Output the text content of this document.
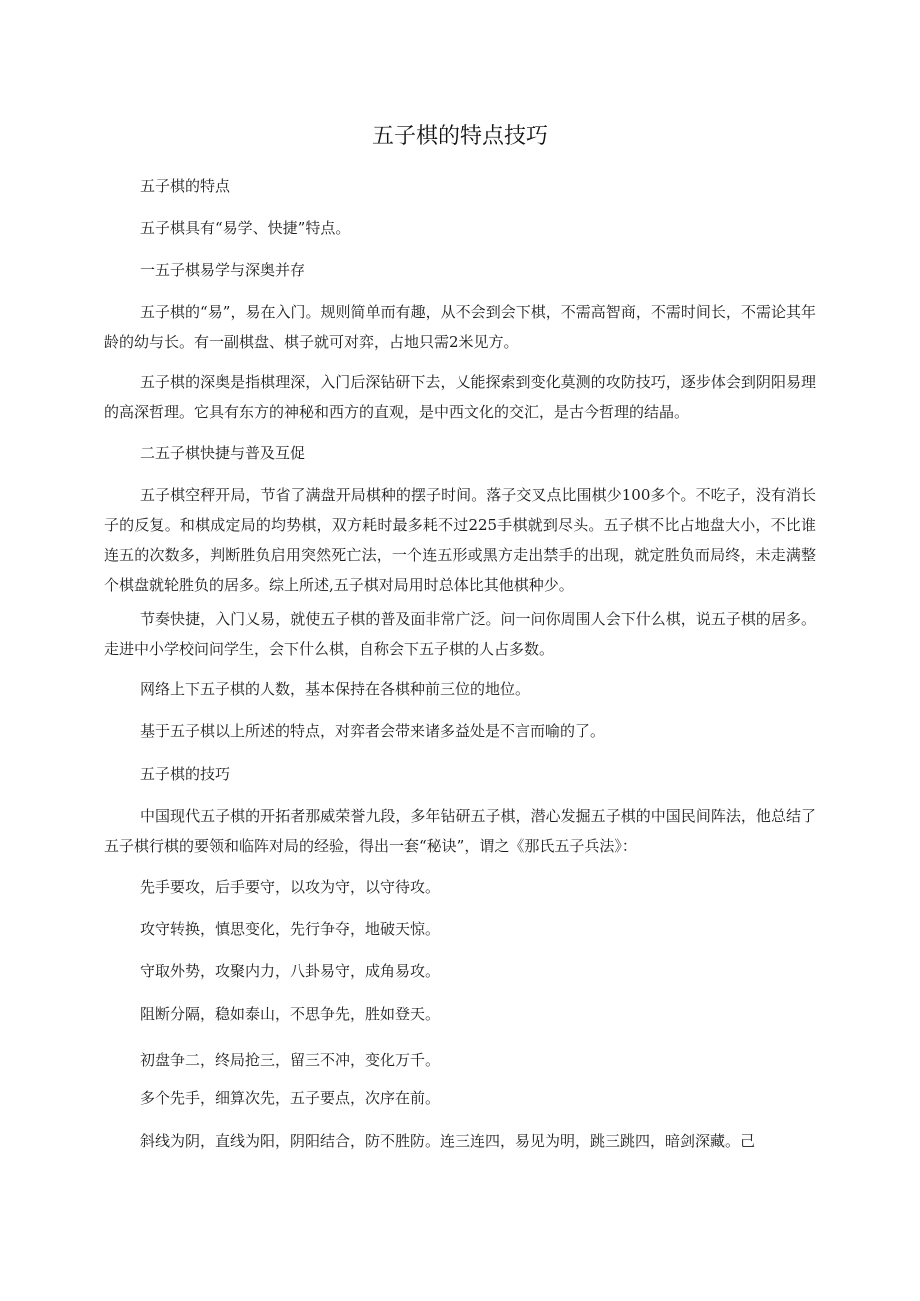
五子棋的特点技巧

五子棋的特点

五子棋具有“易学、快捷”特点。

一五子棋易学与深奥并存

五子棋的“易”，易在入门。规则简单而有趣，从不会到会下棋，不需高智商，不需时间长，不需论其年龄的幼与长。有一副棋盘、棋子就可对弈，占地只需2米见方。

五子棋的深奥是指棋理深，入门后深钻研下去，乂能探索到变化莫测的攻防技巧，逐步体会到阴阳易理的高深哲理。它具有东方的神秘和西方的直观，是中西文化的交汇，是古今哲理的结晶。

二五子棋快捷与普及互促

五子棋空秤开局，节省了满盘开局棋种的摆子时间。落子交叉点比围棋少100多个。不吃子，没有消长子的反复。和棋成定局的均势棋，双方耗时最多耗不过225手棋就到尽头。五子棋不比占地盘大小，不比谁连五的次数多，判断胜负启用突然死亡法，一个连五形或黑方走出禁手的出现，就定胜负而局终，未走满整个棋盘就轮胜负的居多。综上所述,五子棋对局用时总体比其他棋种少。

节奏快捷，入门乂易，就使五子棋的普及面非常广泛。问一问你周围人会下什么棋，说五子棋的居多。走进中小学校问问学生，会下什么棋，自称会下五子棋的人占多数。

网络上下五子棋的人数，基本保持在各棋种前三位的地位。

基于五子棋以上所述的特点，对弈者会带来诸多益处是不言而喻的了。

五子棋的技巧

中国现代五子棋的开拓者那威荣誉九段，多年钻研五子棋，潜心发掘五子棋的中国民间阵法，他总结了五子棋行棋的要领和临阵对局的经验，得出一套“秘诀”，谓之《那氏五子兵法》：

先手要攻，后手要守，以攻为守，以守待攻。

攻守转换，慎思变化，先行争夺，地破天惊。

守取外势，攻聚内力，八卦易守，成角易攻。

阻断分隔，稳如泰山，不思争先，胜如登天。

初盘争二，终局抢三，留三不冲，变化万千。

多个先手，细算次先，五子要点，次序在前。

斜线为阴，直线为阳，阴阳结合，防不胜防。连三连四，易见为明，跳三跳四，暗剑深藏。己
